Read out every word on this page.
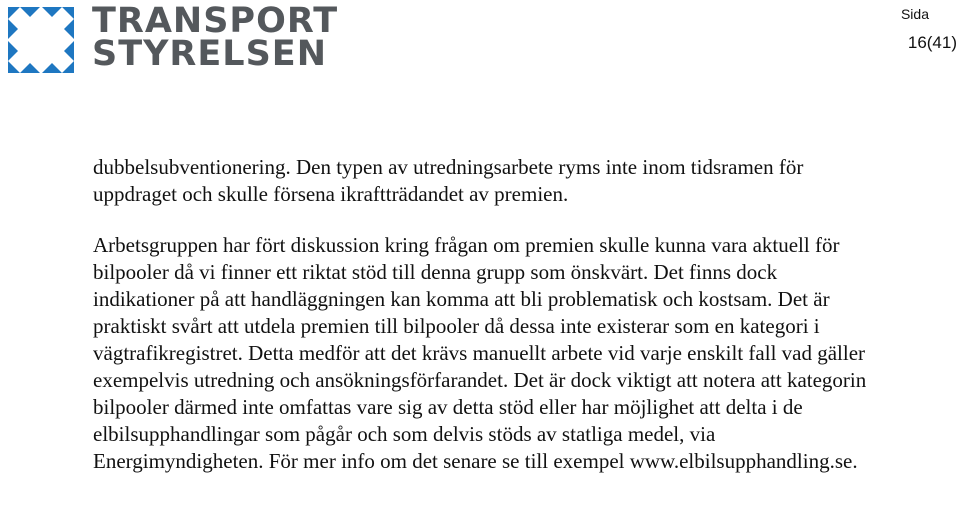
TRANSPORT
STYRELSEN
Sida
16(41)

dubbelsubventionering. Den typen av utredningsarbete ryms inte inom tidsramen för uppdraget och skulle försena ikraftträdandet av premien.

Arbetsgruppen har fört diskussion kring frågan om premien skulle kunna vara aktuell för bilpooler då vi finner ett riktat stöd till denna grupp som önskvärt. Det finns dock indikationer på att handläggningen kan komma att bli problematisk och kostsam. Det är praktiskt svårt att utdela premien till bilpooler då dessa inte existerar som en kategori i vägtrafikregistret. Detta medför att det krävs manuellt arbete vid varje enskilt fall vad gäller exempelvis utredning och ansökningsförfarandet. Det är dock viktigt att notera att kategorin bilpooler därmed inte omfattas vare sig av detta stöd eller har möjlighet att delta i de elbilsupphandlingar som pågår och som delvis stöds av statliga medel, via Energimyndigheten. För mer info om det senare se till exempel www.elbilsupphandling.se.
